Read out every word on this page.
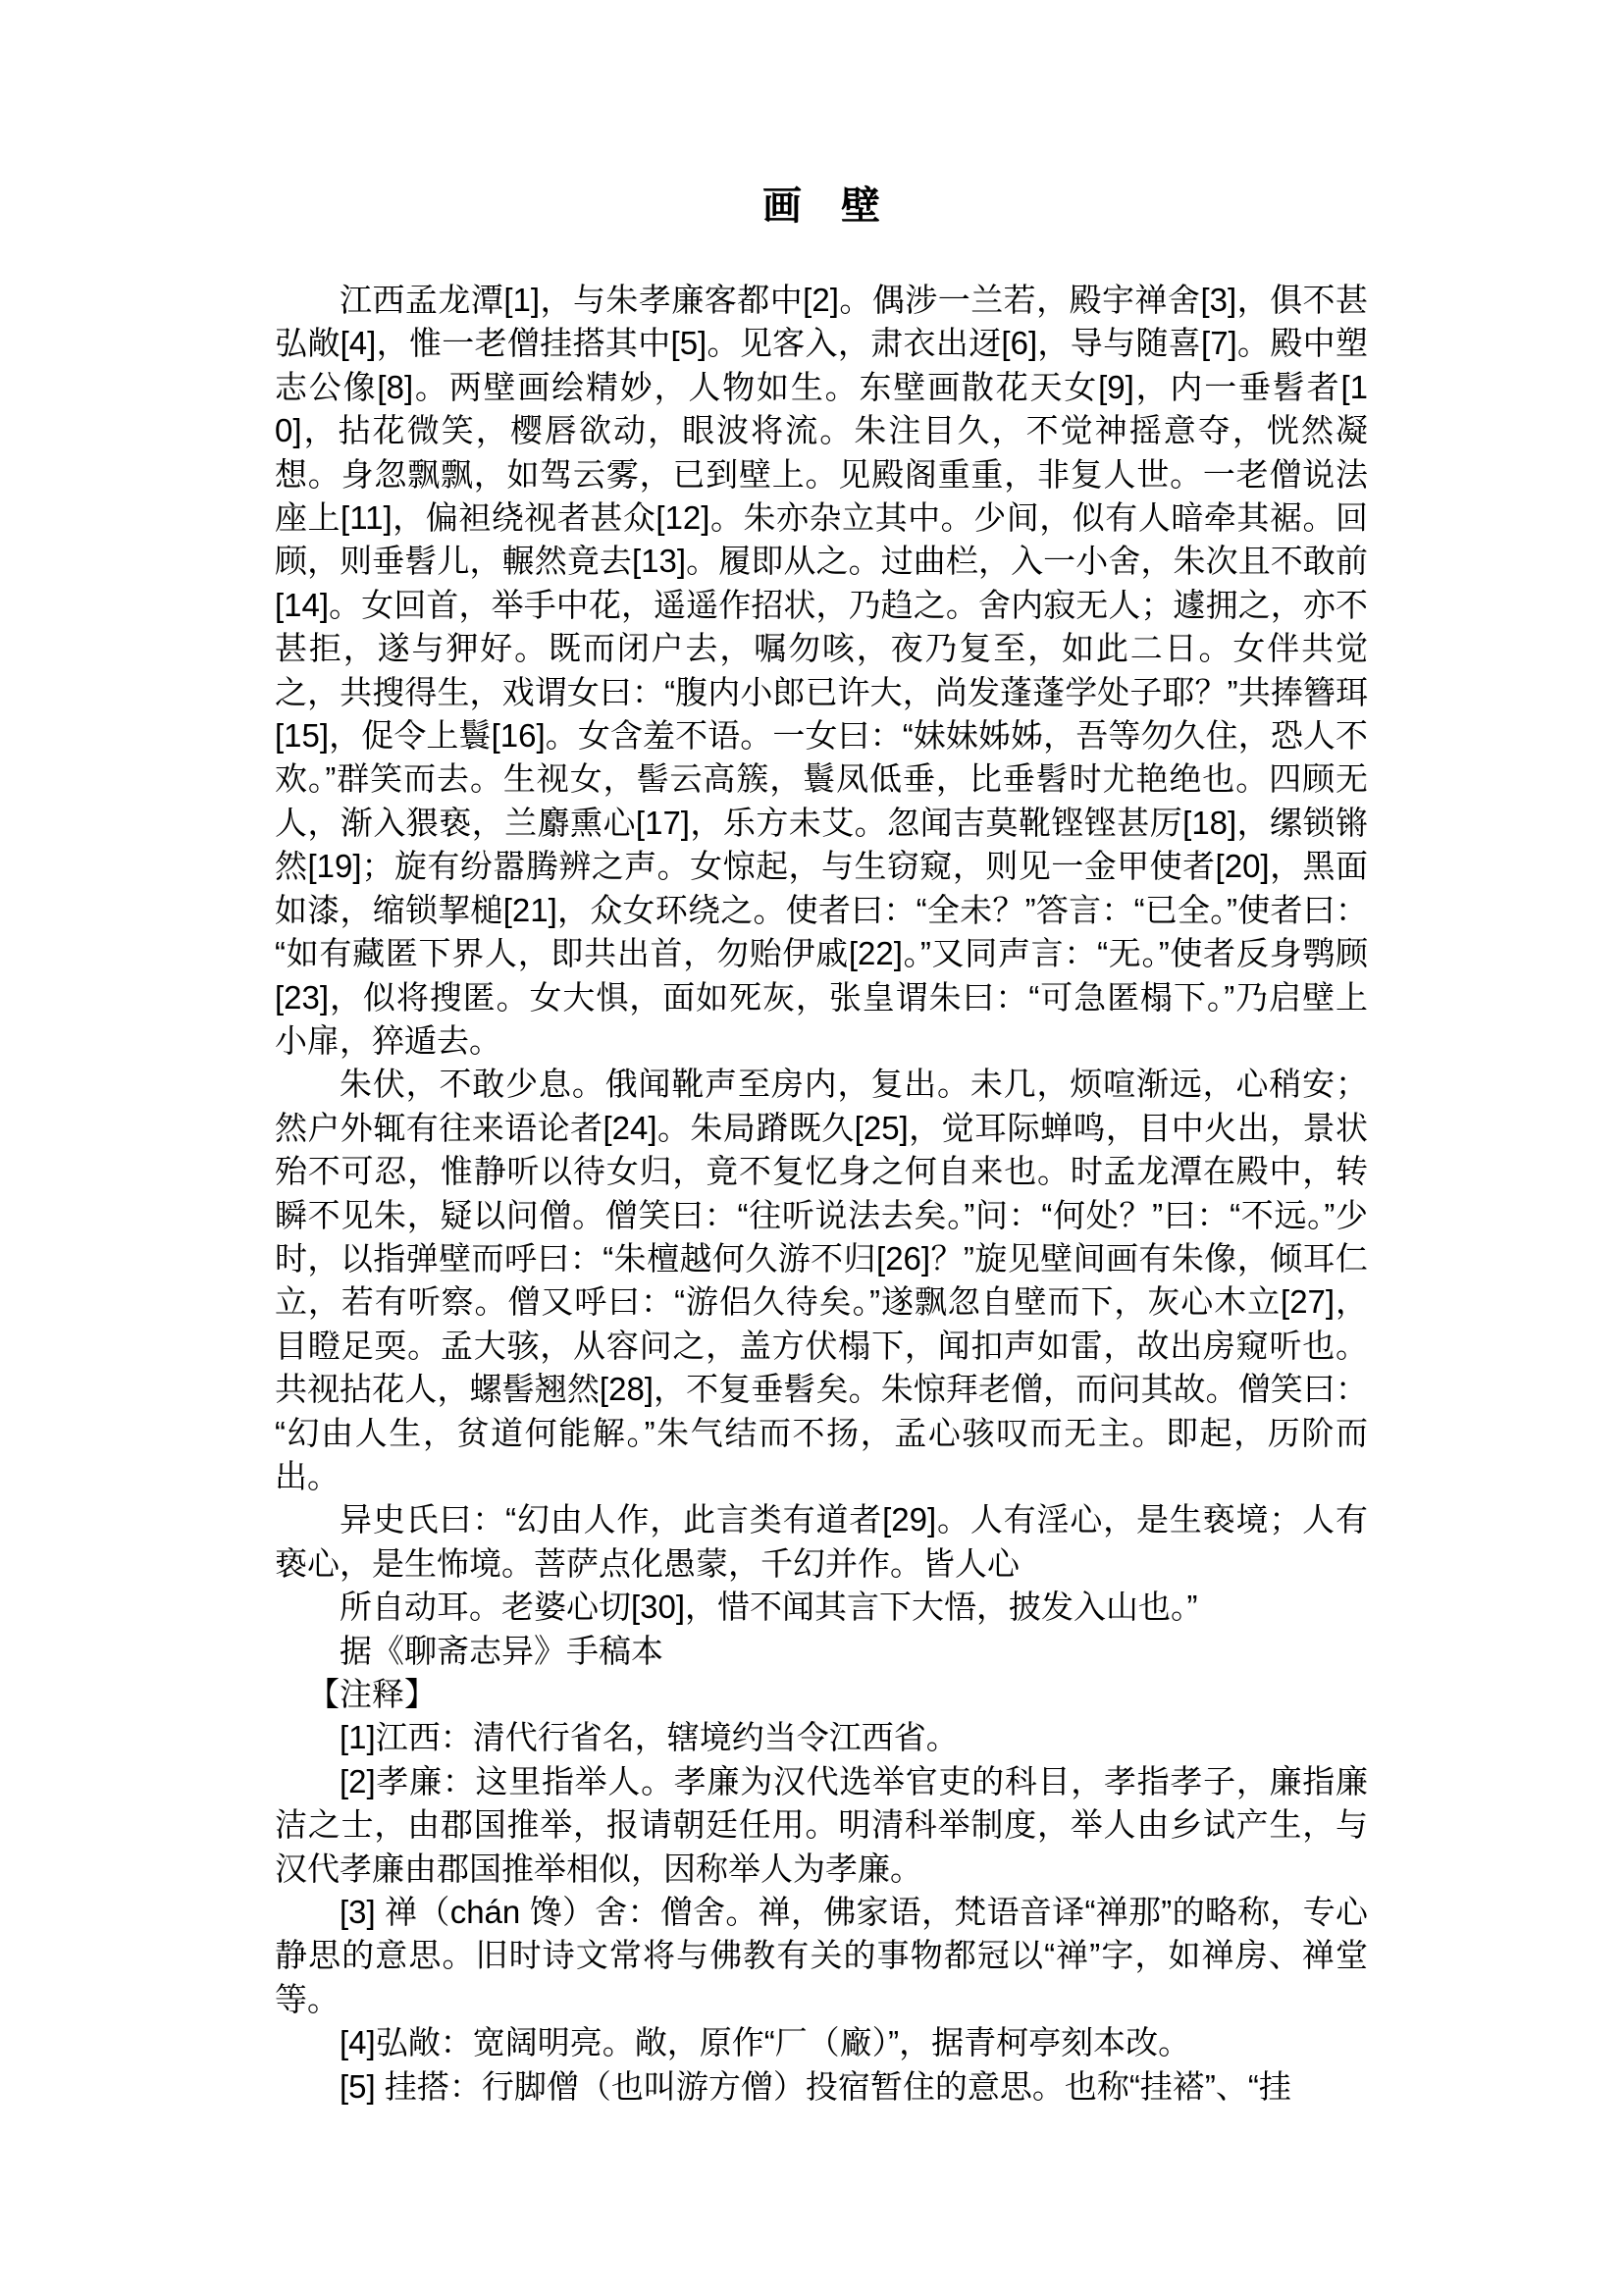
画　壁

江西孟龙潭[1]，与朱孝廉客都中[2]。偶涉一兰若，殿宇禅舍[3]，俱不甚弘敞[4]，惟一老僧挂搭其中[5]。见客入，肃衣出迓[6]，导与随喜[7]。殿中塑志公像[8]。两壁画绘精妙，人物如生。东壁画散花天女[9]，内一垂髫者[10]，拈花微笑，樱唇欲动，眼波将流。朱注目久，不觉神摇意夺，恍然凝想。身忽飘飘，如驾云雾，已到壁上。见殿阁重重，非复人世。一老僧说法座上[11]，偏袒绕视者甚众[12]。朱亦杂立其中。少间，似有人暗牵其裾。回顾，则垂髫儿，輾然竟去[13]。履即从之。过曲栏，入一小舍，朱次且不敢前[14]。女回首，举手中花，遥遥作招状，乃趋之。舍内寂无人；遽拥之，亦不甚拒，遂与狎好。既而闭户去，嘱勿咳，夜乃复至，如此二日。女伴共觉之，共搜得生，戏谓女曰：“腹内小郎已许大，尚发蓬蓬学处子耶？”共捧簪珥[15]，促令上鬟[16]。女含羞不语。一女曰：“妹妹姊姊，吾等勿久住，恐人不欢。”群笑而去。生视女，髻云高簇，鬟凤低垂，比垂髫时尤艳绝也。四顾无人，渐入猥亵，兰麝熏心[17]，乐方未艾。忽闻吉莫靴铿铿甚厉[18]，缧锁锵然[19]；旋有纷嚣腾辨之声。女惊起，与生窃窥，则见一金甲使者[20]，黑面如漆，缩锁挈槌[21]，众女环绕之。使者曰：“全未？”答言：“已全。”使者曰：“如有藏匿下界人，即共出首，勿贻伊戚[22]。”又同声言：“无。”使者反身鹗顾[23]，似将搜匿。女大惧，面如死灰，张皇谓朱曰：“可急匿榻下。”乃启壁上小扉，猝遁去。

朱伏，不敢少息。俄闻靴声至房内，复出。未几，烦喧渐远，心稍安；然户外辄有往来语论者[24]。朱局蹐既久[25]，觉耳际蝉鸣，目中火出，景状殆不可忍，惟静听以待女归，竟不复忆身之何自来也。时孟龙潭在殿中，转瞬不见朱，疑以问僧。僧笑曰：“往听说法去矣。”问：“何处？”曰：“不远。”少时，以指弹壁而呼曰：“朱檀越何久游不归[26]？”旋见壁间画有朱像，倾耳仁立，若有听察。僧又呼曰：“游侣久待矣。”遂飘忽自壁而下，灰心木立[27]，目瞪足耎。孟大骇，从容问之，盖方伏榻下，闻扣声如雷，故出房窥听也。共视拈花人，螺髻翘然[28]，不复垂髫矣。朱惊拜老僧，而问其故。僧笑曰：“幻由人生，贫道何能解。”朱气结而不扬，孟心骇叹而无主。即起，历阶而出。

异史氏曰：“幻由人作，此言类有道者[29]。人有淫心，是生亵境；人有亵心，是生怖境。菩萨点化愚蒙，千幻并作。皆人心

所自动耳。老婆心切[30]，惜不闻其言下大悟，披发入山也。”

据《聊斋志异》手稿本

【注释】

[1]江西：清代行省名，辖境约当令江西省。

[2]孝廉：这里指举人。孝廉为汉代选举官吏的科目，孝指孝子，廉指廉洁之士，由郡国推举，报请朝廷任用。明清科举制度，举人由乡试产生，与汉代孝廉由郡国推举相似，因称举人为孝廉。

[3] 禅（chán 馋）舍：僧舍。禅，佛家语，梵语音译“禅那”的略称，专心静思的意思。旧时诗文常将与佛教有关的事物都冠以“禅”字，如禅房、禅堂等。

[4]弘敞：宽阔明亮。敞，原作“厂（廠）”，据青柯亭刻本改。

[5] 挂搭：行脚僧（也叫游方僧）投宿暂住的意思。也称“挂褡”、“挂
